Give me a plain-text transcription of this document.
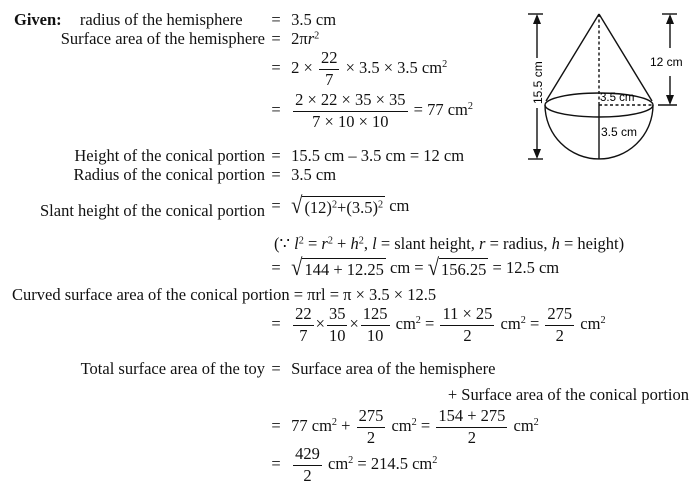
Given: radius of the hemisphere	= 3.5 cm
Surface area of the hemisphere = $2\pi r^2$
= $2 \times \frac{22}{7} \times 3.5 \times 3.5$ $cm^2$
= $\frac{2 \times 22 \times 35 \times 35}{7 \times 10 \times 10} = 77$ $cm^2$
Height of the conical portion = 15.5 cm – 3.5 cm = 12 cm
Radius of the conical portion = 3.5 cm
Slant height of the conical portion = √ $(12)^2+(3.5)^2$ cm
(∵ $l^2 = r^2 + h^2$, l = slant height, r = radius, h = height)
= √ 144 + 12.25 cm = √ 156.25 = 12.5 cm
Curved surface area of the conical portion = πrl = π × 3.5 × 12.5
= $\frac{22}{7} \times \frac{35}{10} \times \frac{125}{10} cm^2 = \frac{11 \times 25}{2} cm^2 = \frac{275}{2} cm^2$
Total surface area of the toy = Surface area of the hemisphere
+ Surface area of the conical portion
= 77 $cm^2 + \frac{275}{2} cm^2 = \frac{154 + 275}{2} cm^2$
= $\frac{429}{2} cm^2 = 214.5$ $cm^2$
15.5 cm	12 cm
3.5 cm
3.5 cm
